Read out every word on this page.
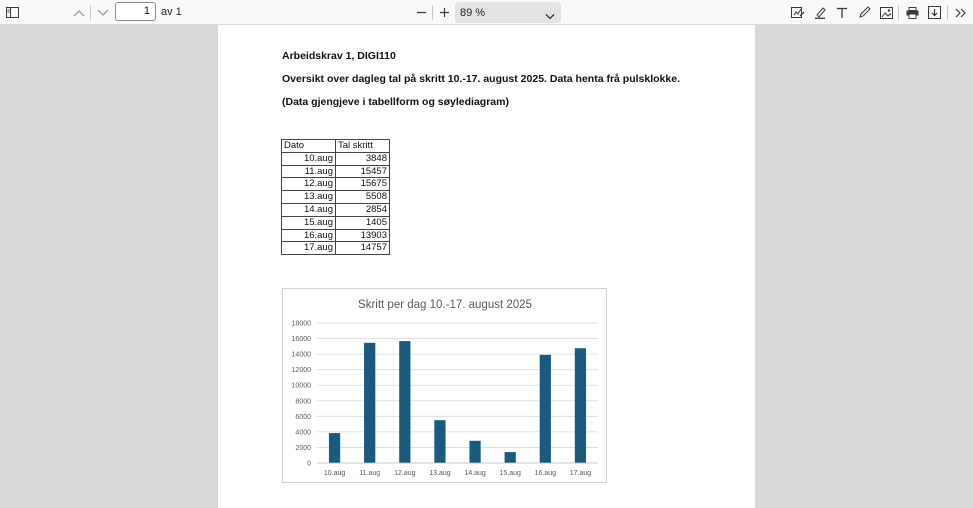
1	av 1	89 %
Arbeidskrav 1, DIGI110
Oversikt over dagleg tal på skritt 10.-17. august 2025. Data henta frå pulsklokke.
(Data gjengjeve i tabellform og søylediagram)
Dato	Tal skritt
10.aug	3848
11.aug	15457
12.aug	15675
13.aug	5508
14.aug	2854
15.aug	1405
16.aug	13903
17.aug	14757
Skritt per dag 10.-17. august 2025
0
2000
4000
6000
8000
10000
12000
14000
16000
18000
10.aug 11.aug 12.aug 13.aug 14.aug 15.aug 16.aug 17.aug
